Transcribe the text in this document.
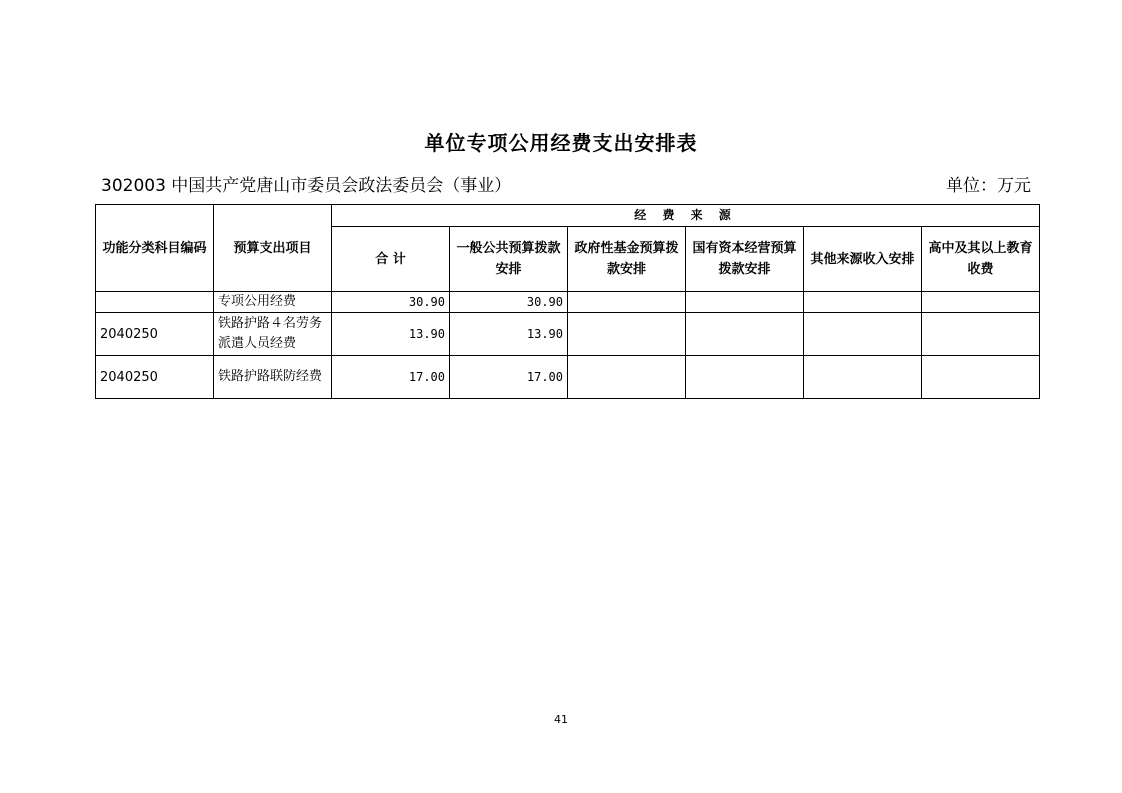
单位专项公用经费支出安排表
302003 中国共产党唐山市委员会政法委员会（事业）	单位：万元
功能分类科目编码	预算支出项目	经 费 来 源					
		合 计	一般公共预算拨款安排	政府性基金预算拨款安排	国有资本经营预算拨款安排	其他来源收入安排	高中及其以上教育收费
	专项公用经费	30.90	30.90				
2040250	铁路护路４名劳务派遣人员经费	13.90	13.90				
2040250	铁路护路联防经费	17.00	17.00				
41
